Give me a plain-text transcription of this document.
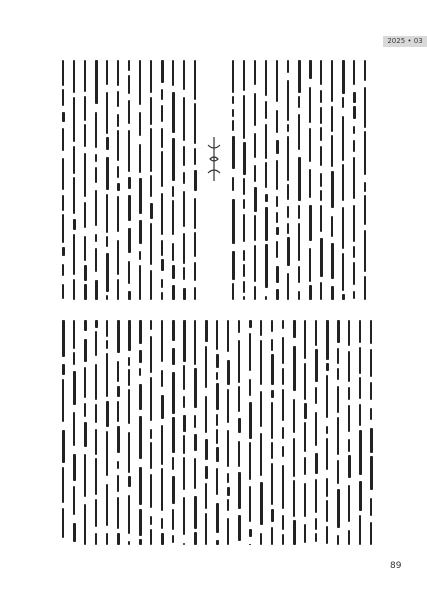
2025 • 03
89
